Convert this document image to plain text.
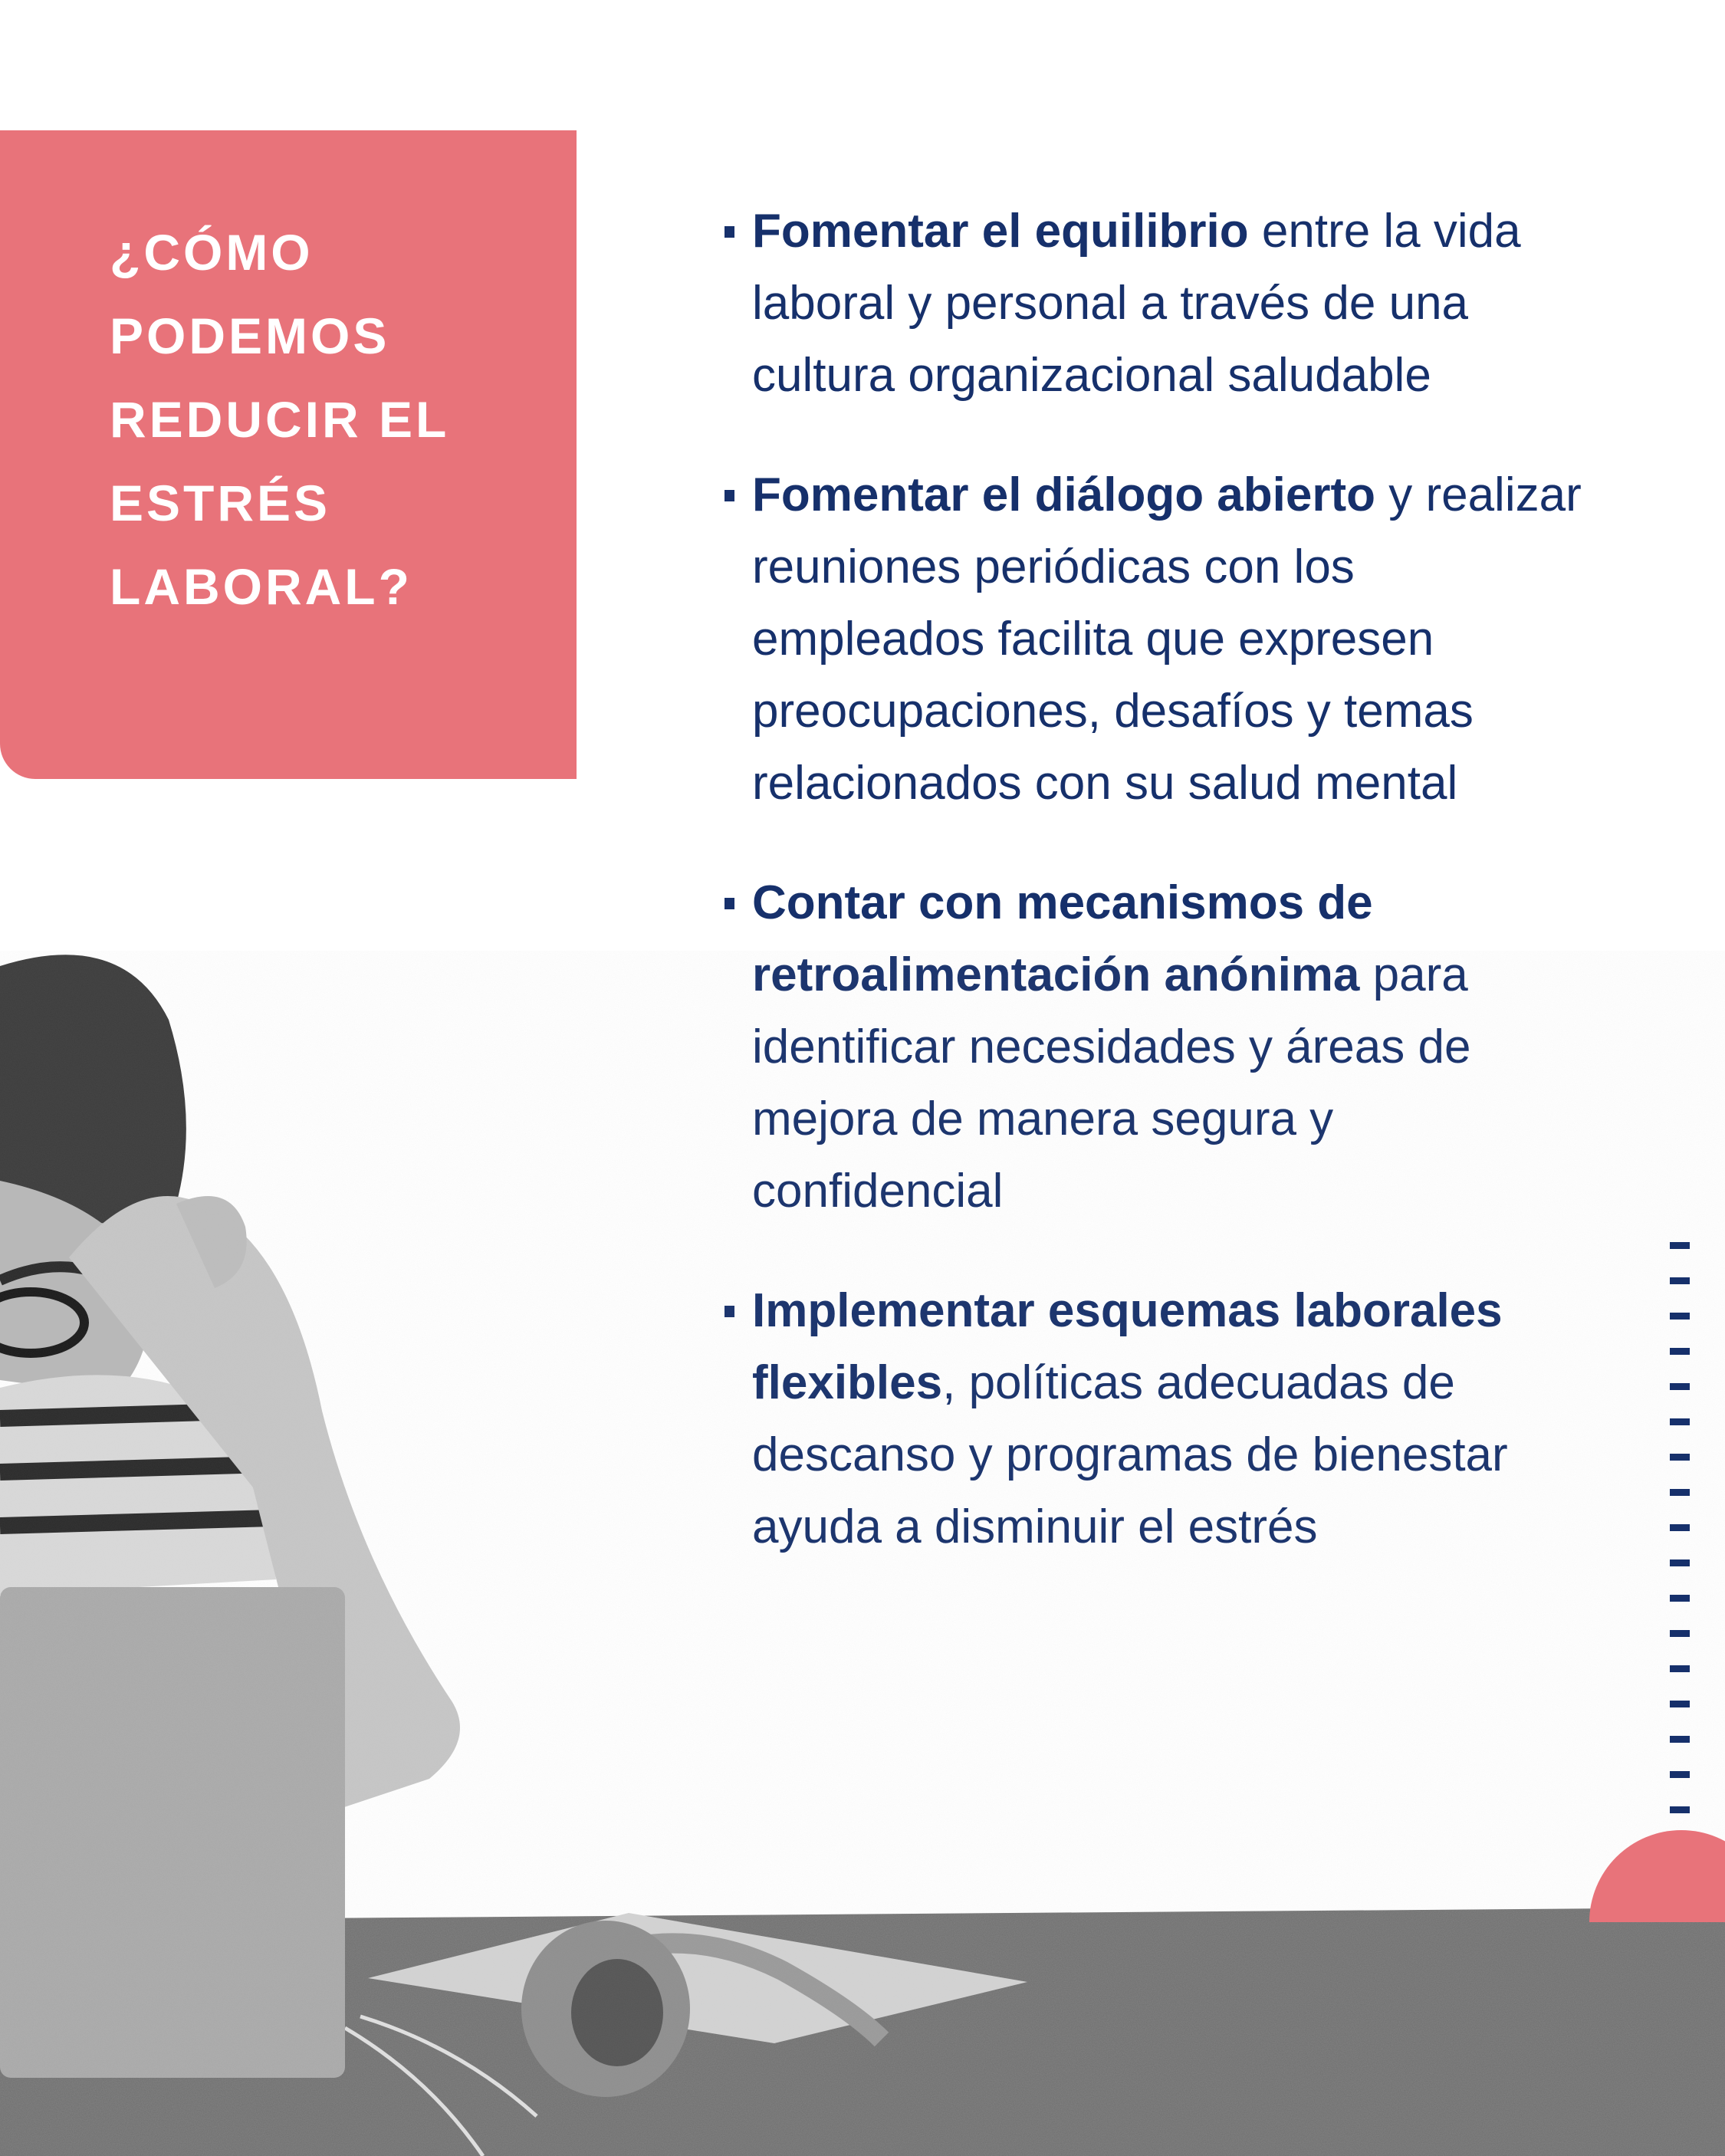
¿CÓMO
PODEMOS
REDUCIR EL
ESTRÉS
LABORAL?
Fomentar el equilibrio entre la vida laboral y personal a través de una cultura organizacional saludable
Fomentar el diálogo abierto y realizar reuniones periódicas con los empleados facilita que expresen preocupaciones, desafíos y temas relacionados con su salud mental
Contar con mecanismos de retroalimentación anónima para identificar necesidades y áreas de mejora de manera segura y confidencial
Implementar esquemas laborales flexibles, políticas adecuadas de descanso y programas de bienestar ayuda a disminuir el estrés
